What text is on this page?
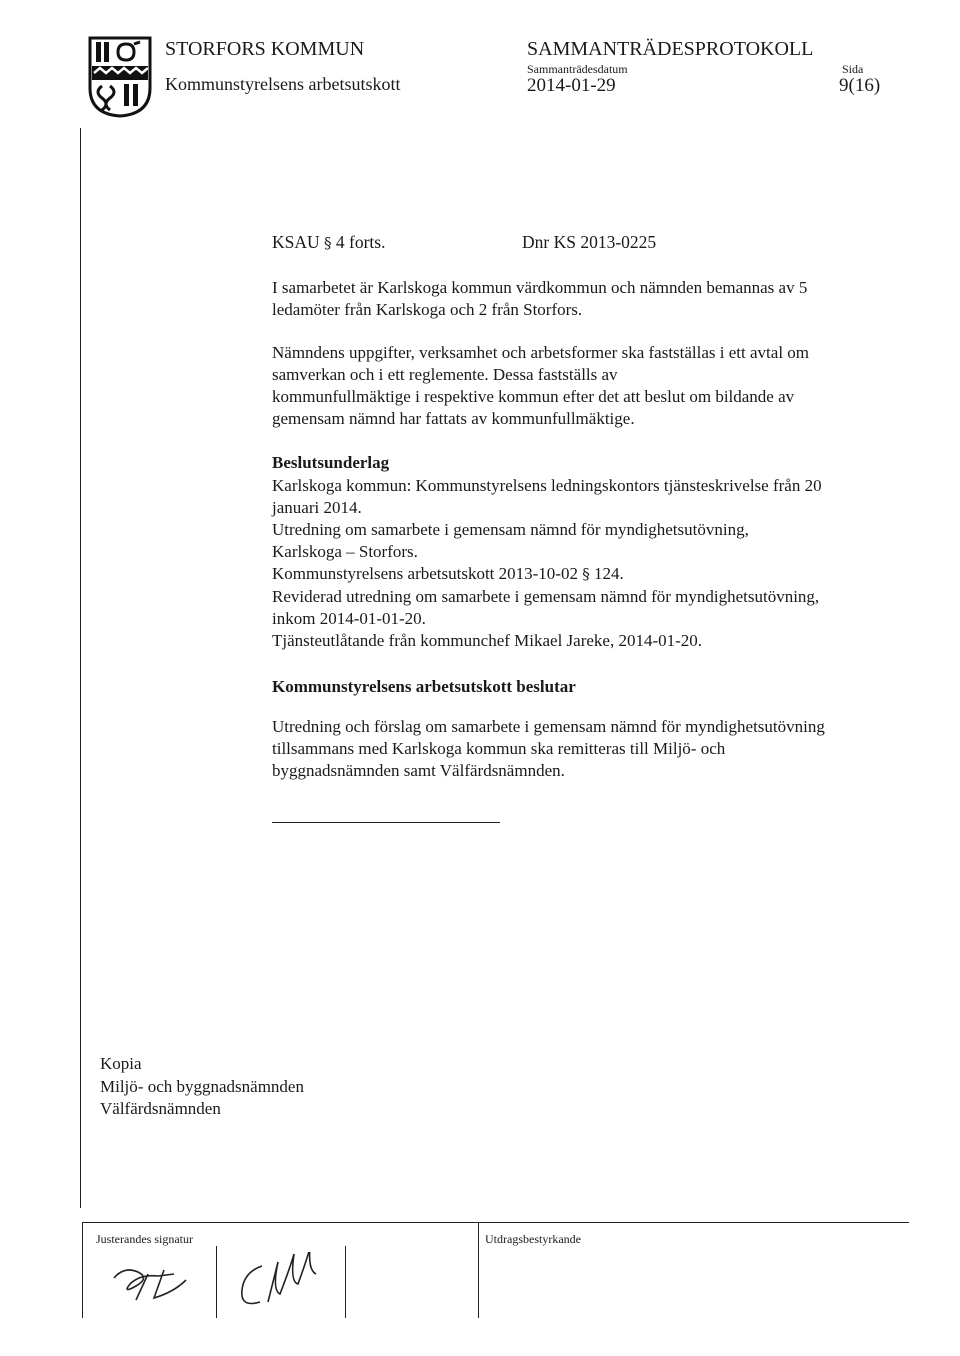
STORFORS KOMMUN
Kommunstyrelsens arbetsutskott
SAMMANTRÄDESPROTOKOLL
Sammanträdesdatum
2014-01-29
Sida
9(16)
KSAU § 4 forts.	Dnr KS 2013-0225
I samarbetet är Karlskoga kommun värdkommun och nämnden bemannas av 5
ledamöter från Karlskoga och 2 från Storfors.
Nämndens uppgifter, verksamhet och arbetsformer ska fastställas i ett avtal om
samverkan och i ett reglemente. Dessa fastställs av
kommunfullmäktige i respektive kommun efter det att beslut om bildande av
gemensam nämnd har fattats av kommunfullmäktige.
Beslutsunderlag
Karlskoga kommun: Kommunstyrelsens ledningskontors tjänsteskrivelse från 20
januari 2014.
Utredning om samarbete i gemensam nämnd för myndighetsutövning,
Karlskoga – Storfors.
Kommunstyrelsens arbetsutskott 2013-10-02 § 124.
Reviderad utredning om samarbete i gemensam nämnd för myndighetsutövning,
inkom 2014-01-01-20.
Tjänsteutlåtande från kommunchef Mikael Jareke, 2014-01-20.
Kommunstyrelsens arbetsutskott beslutar
Utredning och förslag om samarbete i gemensam nämnd för myndighetsutövning
tillsammans med Karlskoga kommun ska remitteras till Miljö- och
byggnadsnämnden samt Välfärdsnämnden.
Kopia
Miljö- och byggnadsnämnden
Välfärdsnämnden
Justerandes signatur	Utdragsbestyrkande
